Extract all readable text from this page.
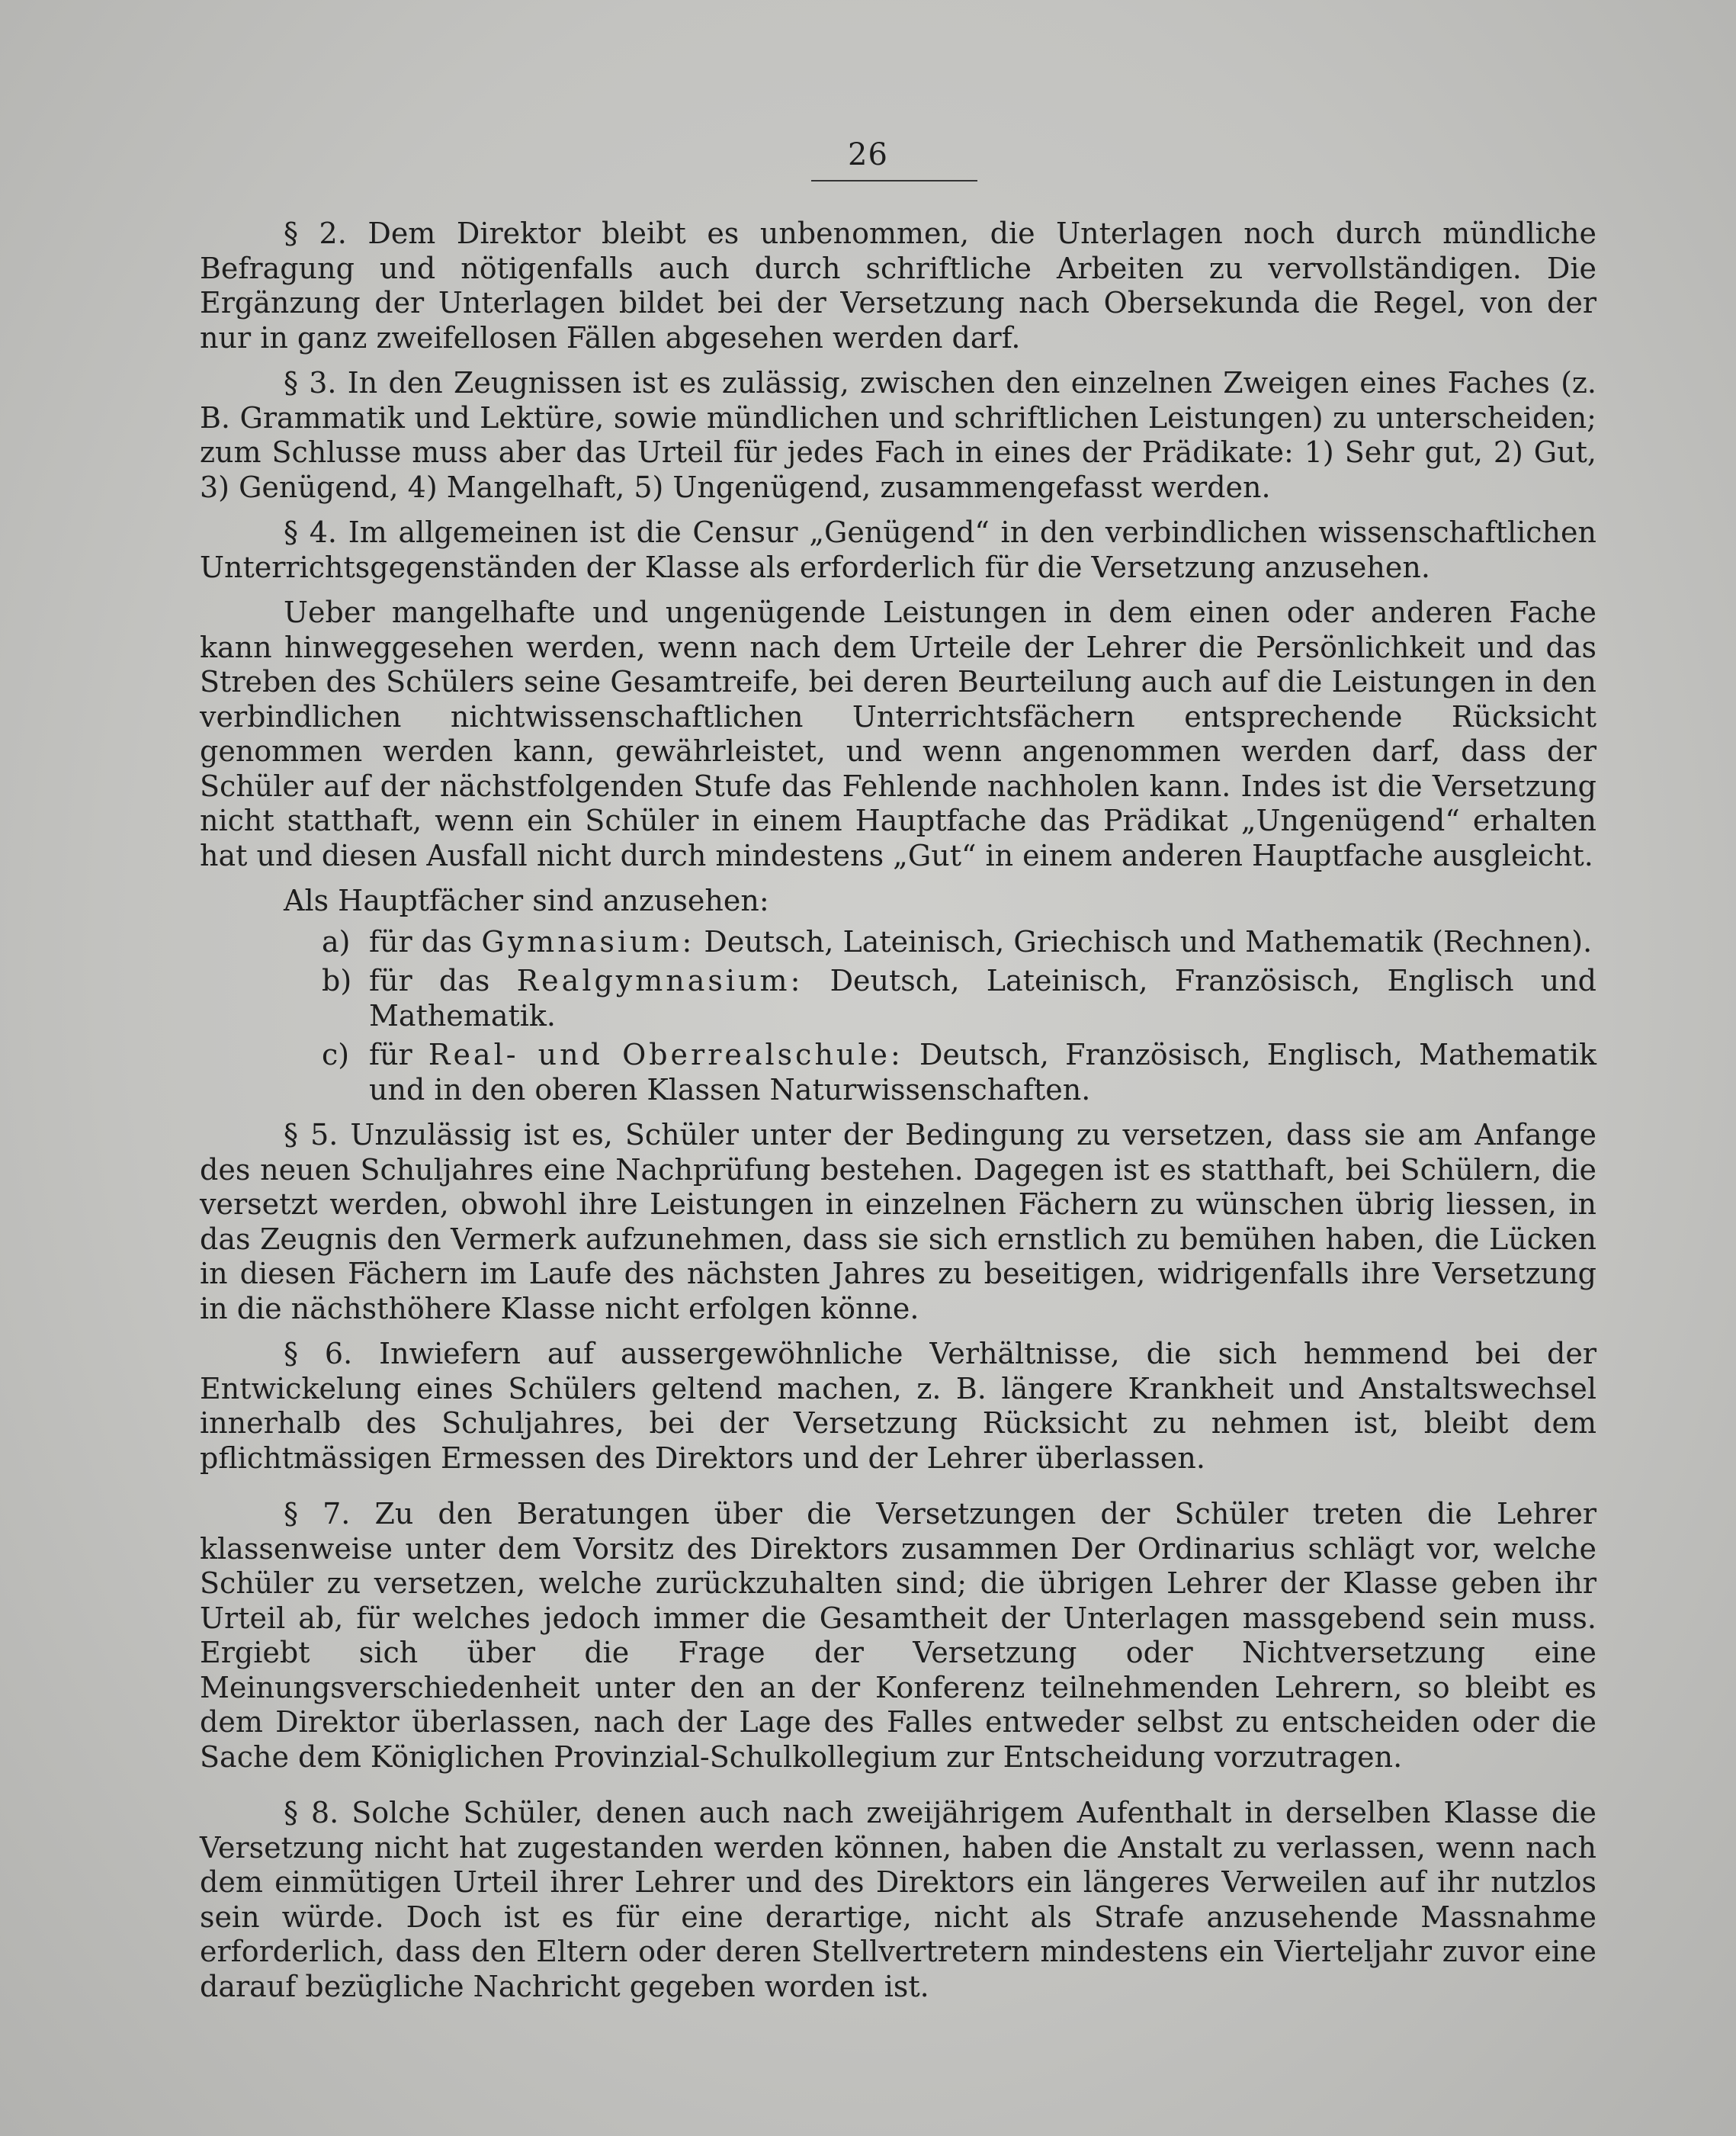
26

§ 2. Dem Direktor bleibt es unbenommen, die Unterlagen noch durch mündliche Befragung und nötigenfalls auch durch schriftliche Arbeiten zu vervollständigen. Die Ergänzung der Unterlagen bildet bei der Versetzung nach Obersekunda die Regel, von der nur in ganz zweifellosen Fällen abgesehen werden darf.

§ 3. In den Zeugnissen ist es zulässig, zwischen den einzelnen Zweigen eines Faches (z. B. Grammatik und Lektüre, sowie mündlichen und schriftlichen Leistungen) zu unterscheiden; zum Schlusse muss aber das Urteil für jedes Fach in eines der Prädikate: 1) Sehr gut, 2) Gut, 3) Genügend, 4) Mangelhaft, 5) Ungenügend, zusammengefasst werden.

§ 4. Im allgemeinen ist die Censur „Genügend“ in den verbindlichen wissenschaftlichen Unterrichtsgegenständen der Klasse als erforderlich für die Versetzung anzusehen.

Ueber mangelhafte und ungenügende Leistungen in dem einen oder anderen Fache kann hinweggesehen werden, wenn nach dem Urteile der Lehrer die Persönlichkeit und das Streben des Schülers seine Gesamtreife, bei deren Beurteilung auch auf die Leistungen in den verbindlichen nichtwissenschaftlichen Unterrichtsfächern entsprechende Rücksicht genommen werden kann, gewährleistet, und wenn angenommen werden darf, dass der Schüler auf der nächstfolgenden Stufe das Fehlende nachholen kann. Indes ist die Versetzung nicht statthaft, wenn ein Schüler in einem Hauptfache das Prädikat „Ungenügend“ erhalten hat und diesen Ausfall nicht durch mindestens „Gut“ in einem anderen Hauptfache ausgleicht.

Als Hauptfächer sind anzusehen:

a) für das Gymnasium: Deutsch, Lateinisch, Griechisch und Mathematik (Rechnen).
b) für das Realgymnasium: Deutsch, Lateinisch, Französisch, Englisch und Mathematik.
c) für Real- und Oberrealschule: Deutsch, Französisch, Englisch, Mathematik und in den oberen Klassen Naturwissenschaften.

§ 5. Unzulässig ist es, Schüler unter der Bedingung zu versetzen, dass sie am Anfange des neuen Schuljahres eine Nachprüfung bestehen. Dagegen ist es statthaft, bei Schülern, die versetzt werden, obwohl ihre Leistungen in einzelnen Fächern zu wünschen übrig liessen, in das Zeugnis den Vermerk aufzunehmen, dass sie sich ernstlich zu bemühen haben, die Lücken in diesen Fächern im Laufe des nächsten Jahres zu beseitigen, widrigenfalls ihre Versetzung in die nächsthöhere Klasse nicht erfolgen könne.

§ 6. Inwiefern auf aussergewöhnliche Verhältnisse, die sich hemmend bei der Entwickelung eines Schülers geltend machen, z. B. längere Krankheit und Anstaltswechsel innerhalb des Schuljahres, bei der Versetzung Rücksicht zu nehmen ist, bleibt dem pflichtmässigen Ermessen des Direktors und der Lehrer überlassen.

§ 7. Zu den Beratungen über die Versetzungen der Schüler treten die Lehrer klassenweise unter dem Vorsitz des Direktors zusammen Der Ordinarius schlägt vor, welche Schüler zu versetzen, welche zurückzuhalten sind; die übrigen Lehrer der Klasse geben ihr Urteil ab, für welches jedoch immer die Gesamtheit der Unterlagen massgebend sein muss. Ergiebt sich über die Frage der Versetzung oder Nichtversetzung eine Meinungsverschiedenheit unter den an der Konferenz teilnehmenden Lehrern, so bleibt es dem Direktor überlassen, nach der Lage des Falles entweder selbst zu entscheiden oder die Sache dem Königlichen Provinzial-Schulkollegium zur Entscheidung vorzutragen.

§ 8. Solche Schüler, denen auch nach zweijährigem Aufenthalt in derselben Klasse die Versetzung nicht hat zugestanden werden können, haben die Anstalt zu verlassen, wenn nach dem einmütigen Urteil ihrer Lehrer und des Direktors ein längeres Verweilen auf ihr nutzlos sein würde. Doch ist es für eine derartige, nicht als Strafe anzusehende Massnahme erforderlich, dass den Eltern oder deren Stellvertretern mindestens ein Vierteljahr zuvor eine darauf bezügliche Nachricht gegeben worden ist.
